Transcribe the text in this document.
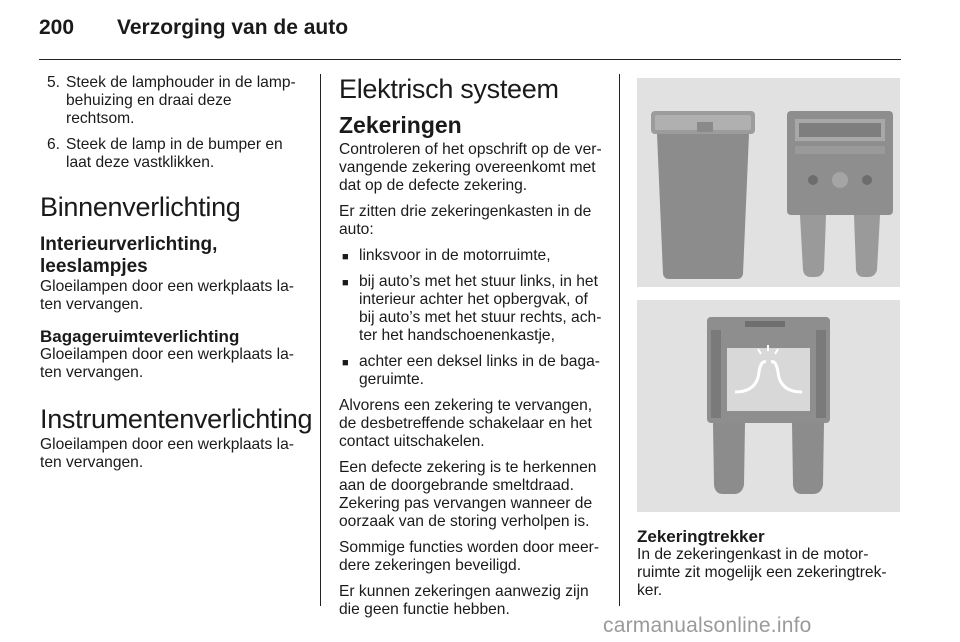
200 Verzorging van de auto
5. Steek de lamphouder in de lamp- behuizing en draai deze rechtsom.
6. Steek de lamp in de bumper en laat deze vastklikken.
Binnenverlichting
Interieurverlichting, leeslampjes

Gloeilampen door een werkplaats la- ten vervangen.

Bagageruimteverlichting

Gloeilampen door een werkplaats la- ten vervangen.

Instrumentenverlichting

Gloeilampen door een werkplaats la- ten vervangen.

Elektrisch systeem
Zekeringen

Controleren of het opschrift op de ver- vangende zekering overeenkomt met dat op de defecte zekering.

Er zitten drie zekeringenkasten in de auto:

■ linksvoor in de motorruimte,
■ bij auto’s met het stuur links, in het interieur achter het opbergvak, of bij auto’s met het stuur rechts, ach- ter het handschoenenkastje,
■ achter een deksel links in de baga- geruimte.

Alvorens een zekering te vervangen, de desbetreffende schakelaar en het contact uitschakelen.

Een defecte zekering is te herkennen aan de doorgebrande smeltdraad. Zekering pas vervangen wanneer de oorzaak van de storing verholpen is.

Sommige functies worden door meer- dere zekeringen beveiligd.

Er kunnen zekeringen aanwezig zijn die geen functie hebben.

Zekeringtrekker

In de zekeringenkast in de motor- ruimte zit mogelijk een zekeringtrek- ker.

carmanualsonline.info
